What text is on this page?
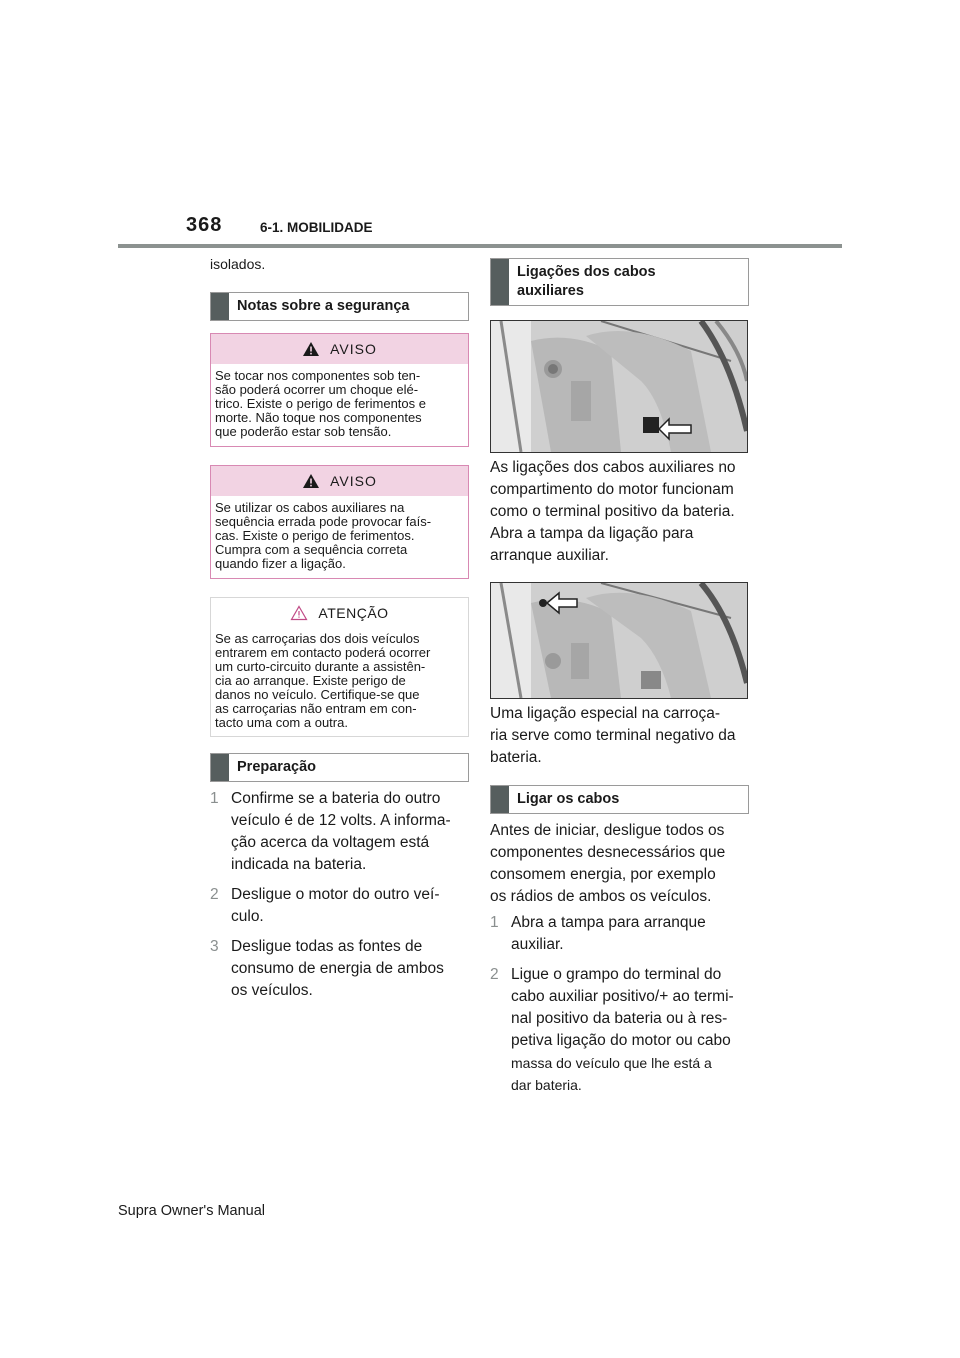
368	6-1. MOBILIDADE

isolados.

Notas sobre a segurança
AVISO
Se tocar nos componentes sob ten-
são poderá ocorrer um choque elé-
trico. Existe o perigo de ferimentos e
morte. Não toque nos componentes
que poderão estar sob tensão.
AVISO
Se utilizar os cabos auxiliares na
sequência errada pode provocar faís-
cas. Existe o perigo de ferimentos.
Cumpra com a sequência correta
quando fizer a ligação.
ATENÇÃO
Se as carroçarias dos dois veículos
entrarem em contacto poderá ocorrer
um curto-circuito durante a assistên-
cia ao arranque. Existe perigo de
danos no veículo. Certifique-se que
as carroçarias não entram em con-
tacto uma com a outra.
Preparação
1 Confirme se a bateria do outro
veículo é de 12 volts. A informa-
ção acerca da voltagem está
indicada na bateria.
2 Desligue o motor do outro veí-
culo.
3 Desligue todas as fontes de
consumo de energia de ambos
os veículos.
Ligações dos cabos
auxiliares

As ligações dos cabos auxiliares no

compartimento do motor funcionam

como o terminal positivo da bateria.

Abra a tampa da ligação para

arranque auxiliar.

Uma ligação especial na carroça-

ria serve como terminal negativo da

bateria.

Ligar os cabos

Antes de iniciar, desligue todos os

componentes desnecessários que

consomem energia, por exemplo

os rádios de ambos os veículos.

1 Abra a tampa para arranque
auxiliar.
2 Ligue o grampo do terminal do
cabo auxiliar positivo/+ ao termi-
nal positivo da bateria ou à res-
petiva ligação do motor ou cabo
massa do veículo que lhe está a
dar bateria.
Supra Owner's Manual
